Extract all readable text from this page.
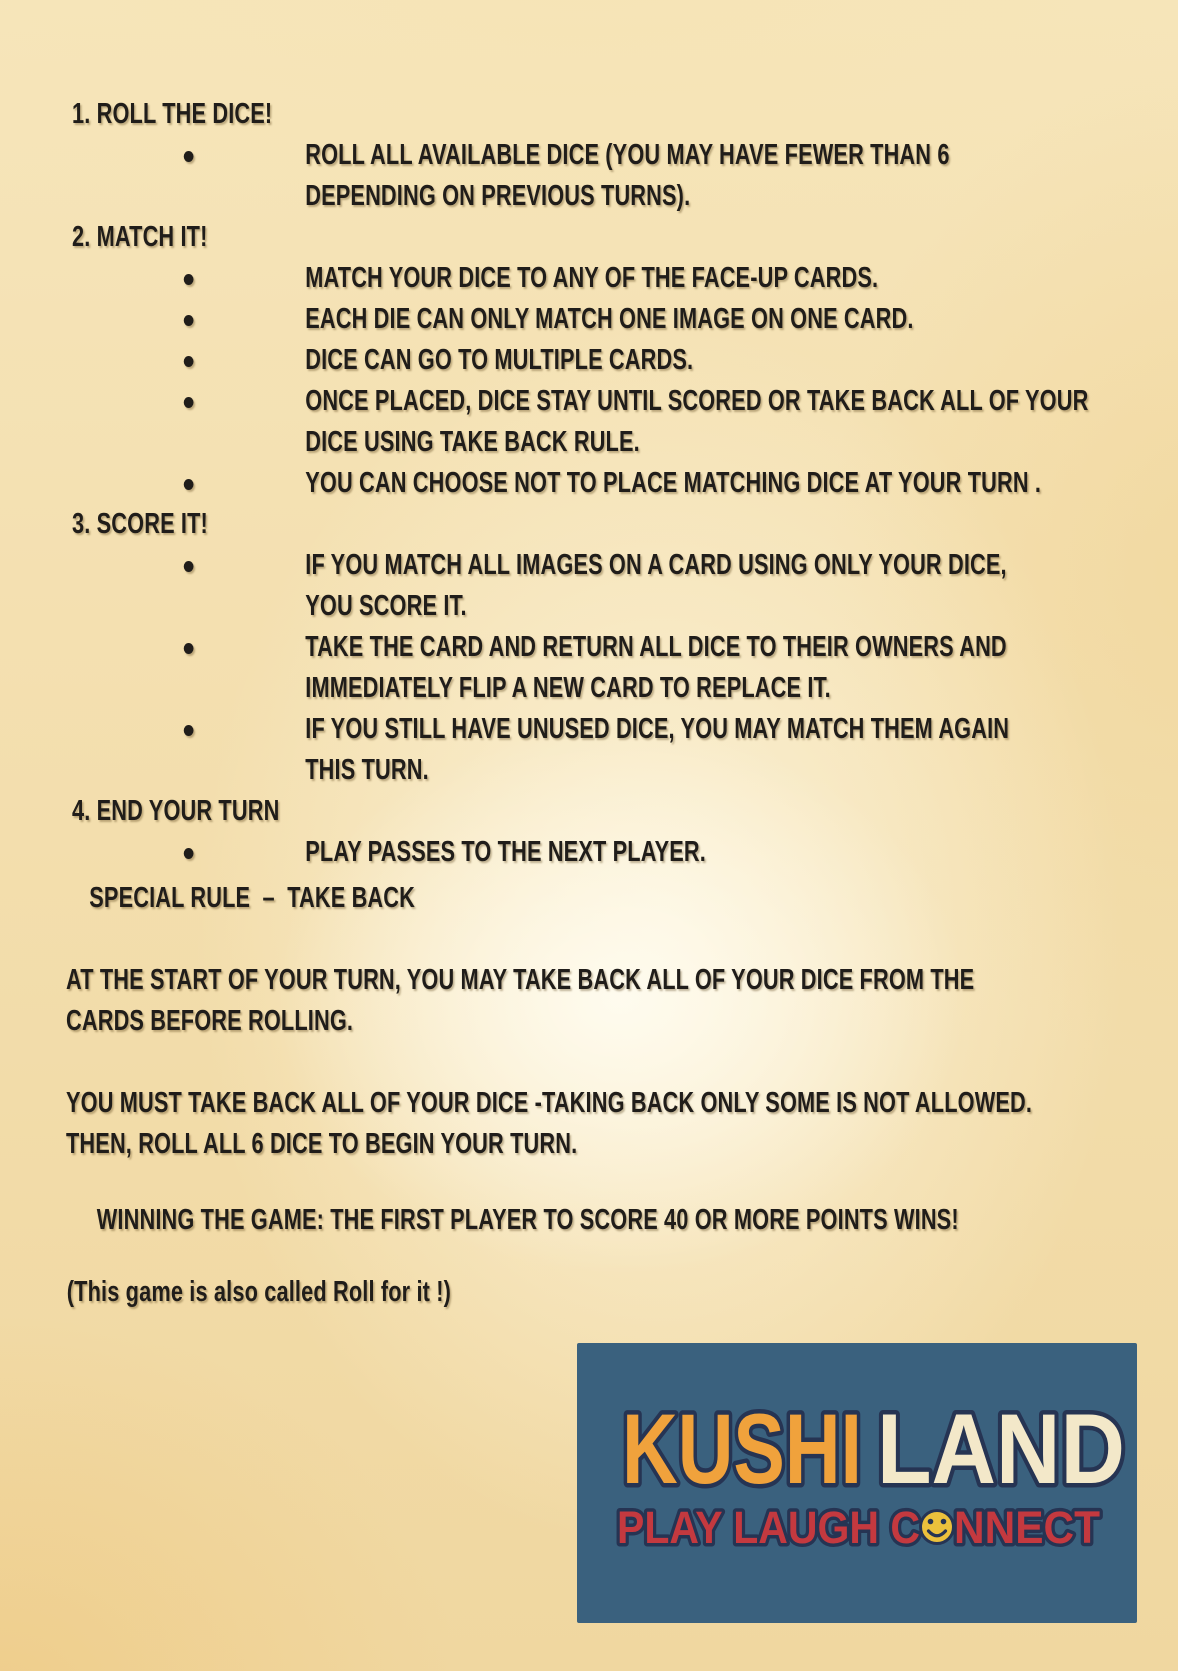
1. ROLL THE DICE!
ROLL ALL AVAILABLE DICE (YOU MAY HAVE FEWER THAN 6
DEPENDING ON PREVIOUS TURNS).
2. MATCH IT!
MATCH YOUR DICE TO ANY OF THE FACE-UP CARDS.
EACH DIE CAN ONLY MATCH ONE IMAGE ON ONE CARD.
DICE CAN GO TO MULTIPLE CARDS.
ONCE PLACED, DICE STAY UNTIL SCORED OR TAKE BACK ALL OF YOUR
DICE USING TAKE BACK RULE.
YOU CAN CHOOSE NOT TO PLACE MATCHING DICE AT YOUR TURN .
3. SCORE IT!
IF YOU MATCH ALL IMAGES ON A CARD USING ONLY YOUR DICE,
YOU SCORE IT.
TAKE THE CARD AND RETURN ALL DICE TO THEIR OWNERS AND
IMMEDIATELY FLIP A NEW CARD TO REPLACE IT.
IF YOU STILL HAVE UNUSED DICE, YOU MAY MATCH THEM AGAIN
THIS TURN.
4. END YOUR TURN
PLAY PASSES TO THE NEXT PLAYER.
SPECIAL RULE  –  TAKE BACK
AT THE START OF YOUR TURN, YOU MAY TAKE BACK ALL OF YOUR DICE FROM THE
CARDS BEFORE ROLLING.
YOU MUST TAKE BACK ALL OF YOUR DICE -TAKING BACK ONLY SOME IS NOT ALLOWED.
THEN, ROLL ALL 6 DICE TO BEGIN YOUR TURN.
WINNING THE GAME: THE FIRST PLAYER TO SCORE 40 OR MORE POINTS WINS!
(This game is also called Roll for it !)
KUSHI LAND
PLAY LAUGH C NNECT
